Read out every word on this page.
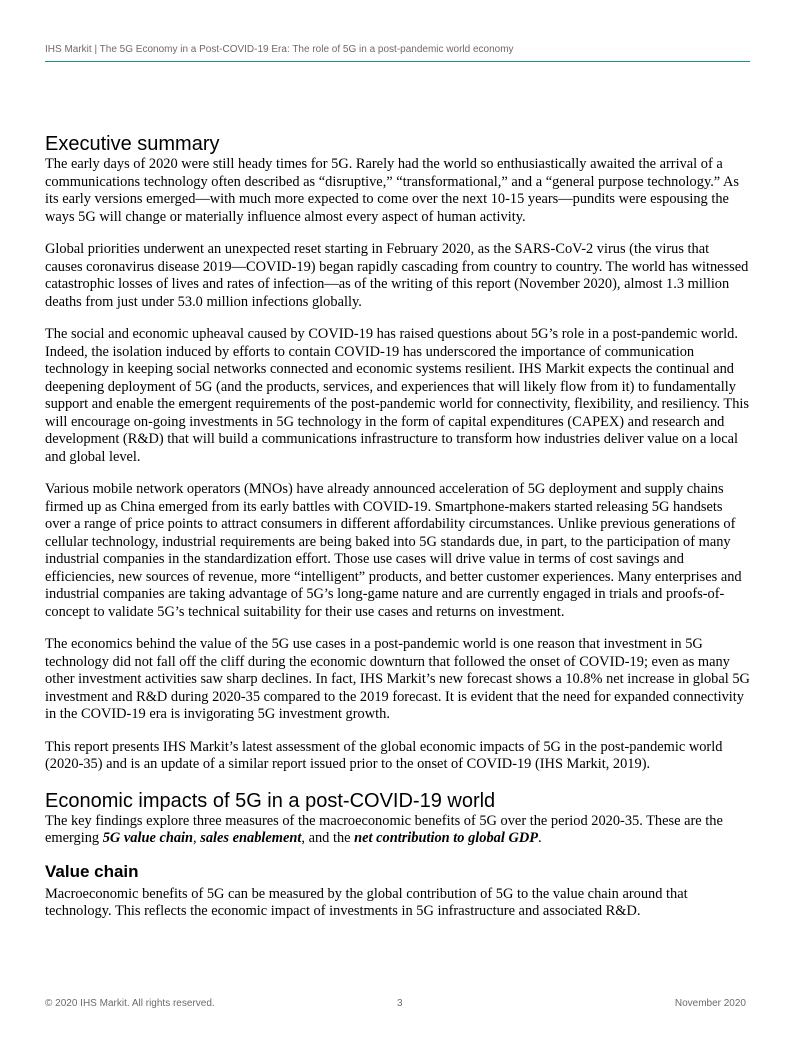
IHS Markit | The 5G Economy in a Post-COVID-19 Era: The role of 5G in a post-pandemic world economy
Executive summary

The early days of 2020 were still heady times for 5G. Rarely had the world so enthusiastically awaited the arrival of a communications technology often described as “disruptive,” “transformational,” and a “general purpose technology.” As its early versions emerged—with much more expected to come over the next 10-15 years—pundits were espousing the ways 5G will change or materially influence almost every aspect of human activity.

Global priorities underwent an unexpected reset starting in February 2020, as the SARS-CoV-2 virus (the virus that causes coronavirus disease 2019—COVID-19) began rapidly cascading from country to country. The world has witnessed catastrophic losses of lives and rates of infection—as of the writing of this report (November 2020), almost 1.3 million deaths from just under 53.0 million infections globally.

The social and economic upheaval caused by COVID-19 has raised questions about 5G’s role in a post-pandemic world. Indeed, the isolation induced by efforts to contain COVID-19 has underscored the importance of communication technology in keeping social networks connected and economic systems resilient. IHS Markit expects the continual and deepening deployment of 5G (and the products, services, and experiences that will likely flow from it) to fundamentally support and enable the emergent requirements of the post-pandemic world for connectivity, flexibility, and resiliency. This will encourage on-going investments in 5G technology in the form of capital expenditures (CAPEX) and research and development (R&D) that will build a communications infrastructure to transform how industries deliver value on a local and global level.

Various mobile network operators (MNOs) have already announced acceleration of 5G deployment and supply chains firmed up as China emerged from its early battles with COVID-19. Smartphone-makers started releasing 5G handsets over a range of price points to attract consumers in different affordability circumstances. Unlike previous generations of cellular technology, industrial requirements are being baked into 5G standards due, in part, to the participation of many industrial companies in the standardization effort. Those use cases will drive value in terms of cost savings and efficiencies, new sources of revenue, more “intelligent” products, and better customer experiences. Many enterprises and industrial companies are taking advantage of 5G’s long-game nature and are currently engaged in trials and proofs-of-concept to validate 5G’s technical suitability for their use cases and returns on investment.

The economics behind the value of the 5G use cases in a post-pandemic world is one reason that investment in 5G technology did not fall off the cliff during the economic downturn that followed the onset of COVID-19; even as many other investment activities saw sharp declines. In fact, IHS Markit’s new forecast shows a 10.8% net increase in global 5G investment and R&D during 2020-35 compared to the 2019 forecast. It is evident that the need for expanded connectivity in the COVID-19 era is invigorating 5G investment growth.

This report presents IHS Markit’s latest assessment of the global economic impacts of 5G in the post-pandemic world (2020-35) and is an update of a similar report issued prior to the onset of COVID-19 (IHS Markit, 2019).

Economic impacts of 5G in a post-COVID-19 world

The key findings explore three measures of the macroeconomic benefits of 5G over the period 2020-35. These are the emerging 5G value chain, sales enablement, and the net contribution to global GDP.

Value chain

Macroeconomic benefits of 5G can be measured by the global contribution of 5G to the value chain around that technology. This reflects the economic impact of investments in 5G infrastructure and associated R&D.

© 2020 IHS Markit. All rights reserved.	3	November 2020
